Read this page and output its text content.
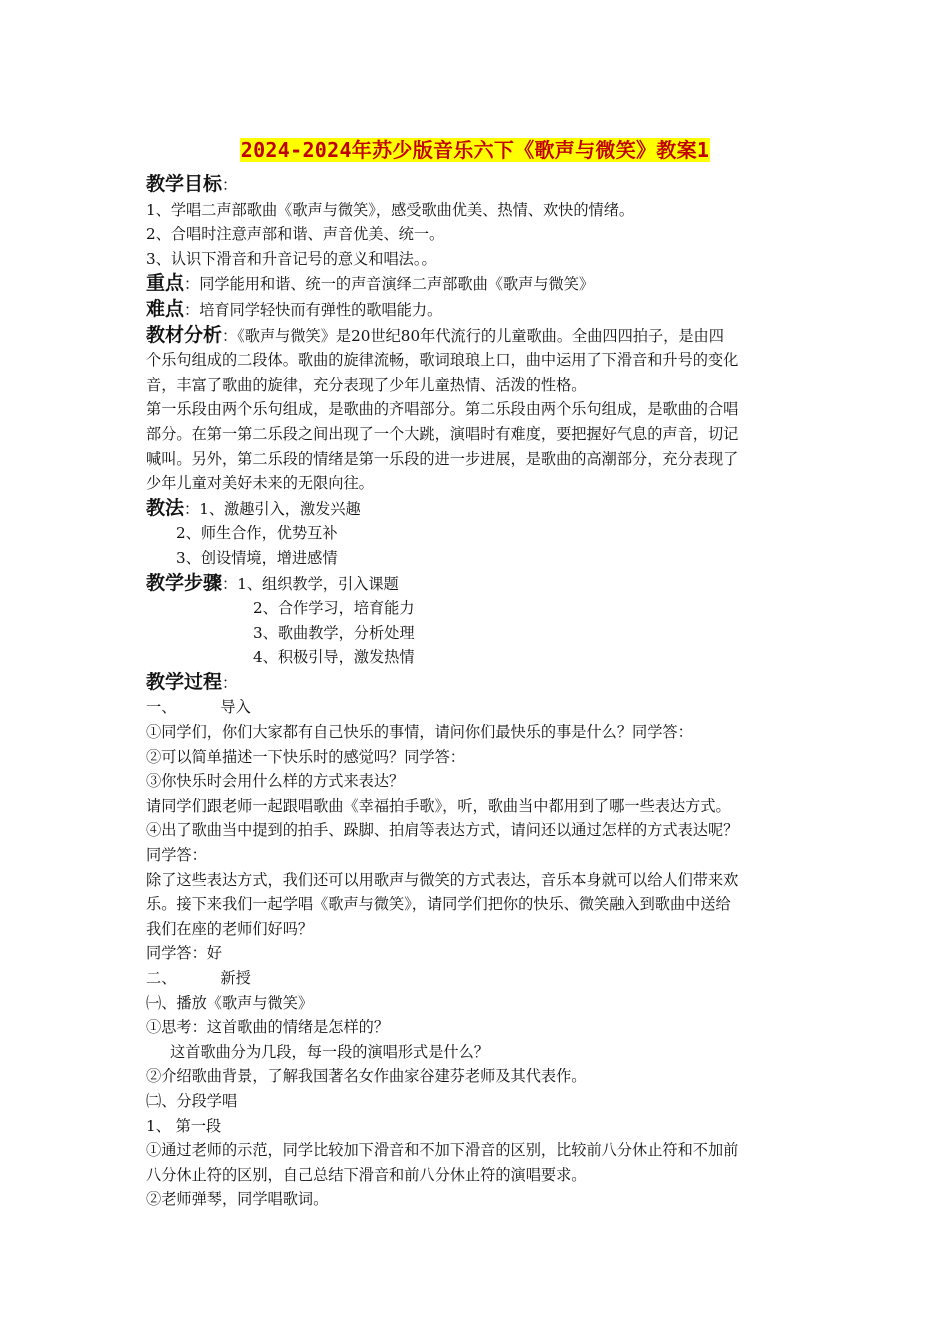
2024-2024年苏少版音乐六下《歌声与微笑》教案1
教学目标：
1、学唱二声部歌曲《歌声与微笑》，感受歌曲优美、热情、欢快的情绪。
2、合唱时注意声部和谐、声音优美、统一。
3、认识下滑音和升音记号的意义和唱法。。
重点：同学能用和谐、统一的声音演绎二声部歌曲《歌声与微笑》
难点：培育同学轻快而有弹性的歌唱能力。
教材分析：《歌声与微笑》是20世纪80年代流行的儿童歌曲。全曲四四拍子，是由四
个乐句组成的二段体。歌曲的旋律流畅，歌词琅琅上口，曲中运用了下滑音和升号的变化
音，丰富了歌曲的旋律，充分表现了少年儿童热情、活泼的性格。
第一乐段由两个乐句组成，是歌曲的齐唱部分。第二乐段由两个乐句组成，是歌曲的合唱
部分。在第一第二乐段之间出现了一个大跳，演唱时有难度，要把握好气息的声音，切记
喊叫。另外，第二乐段的情绪是第一乐段的进一步进展，是歌曲的高潮部分，充分表现了
少年儿童对美好未来的无限向往。
教法：1、激趣引入，激发兴趣
2、师生合作，优势互补
3、创设情境，增进感情
教学步骤：1、组织教学，引入课题
2、合作学习，培育能力
3、歌曲教学，分析处理
4、积极引导，激发热情
教学过程：
一、	导入
①同学们，你们大家都有自己快乐的事情，请问你们最快乐的事是什么？同学答：
②可以简单描述一下快乐时的感觉吗？同学答：
③你快乐时会用什么样的方式来表达？
请同学们跟老师一起跟唱歌曲《幸福拍手歌》，听，歌曲当中都用到了哪一些表达方式。
④出了歌曲当中提到的拍手、跺脚、拍肩等表达方式，请问还以通过怎样的方式表达呢？
同学答：
除了这些表达方式，我们还可以用歌声与微笑的方式表达，音乐本身就可以给人们带来欢
乐。接下来我们一起学唱《歌声与微笑》，请同学们把你的快乐、微笑融入到歌曲中送给
我们在座的老师们好吗？
同学答：好
二、	新授
㈠、播放《歌声与微笑》
①思考：这首歌曲的情绪是怎样的？
这首歌曲分为几段，每一段的演唱形式是什么？
②介绍歌曲背景，了解我国著名女作曲家谷建芬老师及其代表作。
㈡、分段学唱
1、 第一段
①通过老师的示范，同学比较加下滑音和不加下滑音的区别，比较前八分休止符和不加前
八分休止符的区别，自己总结下滑音和前八分休止符的演唱要求。
②老师弹琴，同学唱歌词。
